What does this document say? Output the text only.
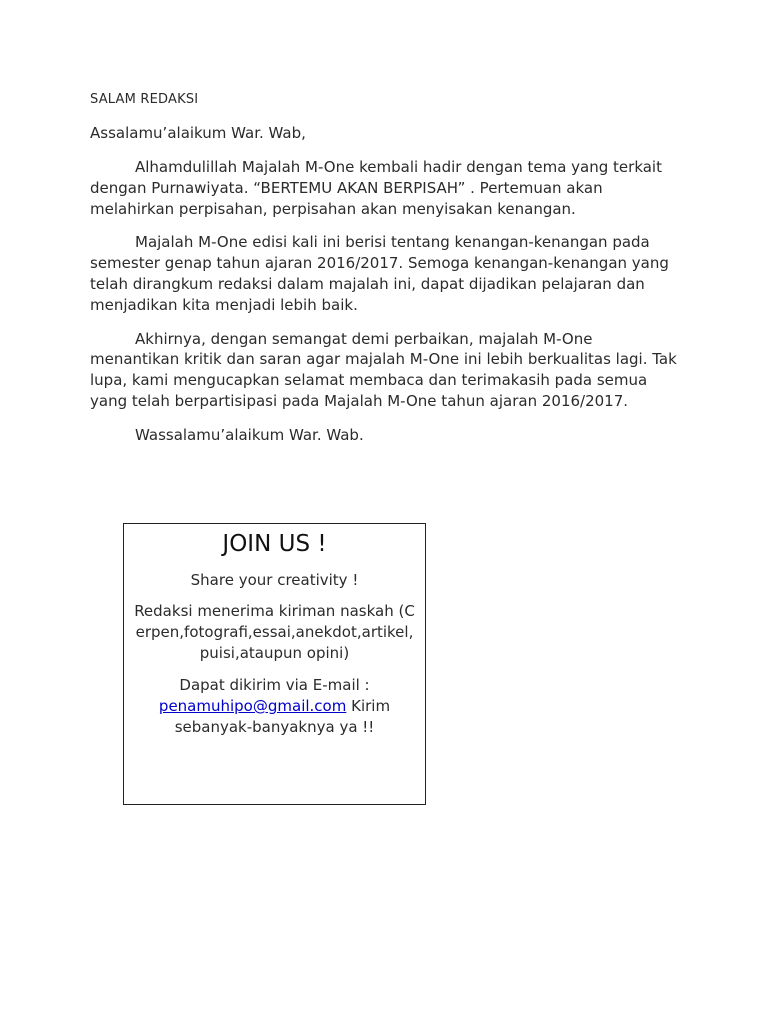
SALAM REDAKSI
Assalamu’alaikum War. Wab,

Alhamdulillah Majalah M-One kembali hadir dengan tema yang terkait dengan Purnawiyata. “BERTEMU AKAN BERPISAH” . Pertemuan akan melahirkan perpisahan, perpisahan akan menyisakan kenangan.

Majalah M-One edisi kali ini berisi tentang kenangan-kenangan pada semester genap tahun ajaran 2016/2017. Semoga kenangan-kenangan yang telah dirangkum redaksi dalam majalah ini, dapat dijadikan pelajaran dan menjadikan kita menjadi lebih baik.

Akhirnya, dengan semangat demi perbaikan, majalah M-One menantikan kritik dan saran agar majalah M-One ini lebih berkualitas lagi. Tak lupa, kami mengucapkan selamat membaca dan terimakasih pada semua yang telah berpartisipasi pada Majalah M-One tahun ajaran 2016/2017.

Wassalamu’alaikum War. Wab.

JOIN US !
Share your creativity !
Redaksi menerima kiriman naskah (Cerpen,fotografi,essai,anekdot,artikel,puisi,ataupun opini)
Dapat dikirim via E-mail :
penamuhipo@gmail.com Kirim sebanyak-banyaknya ya !!
